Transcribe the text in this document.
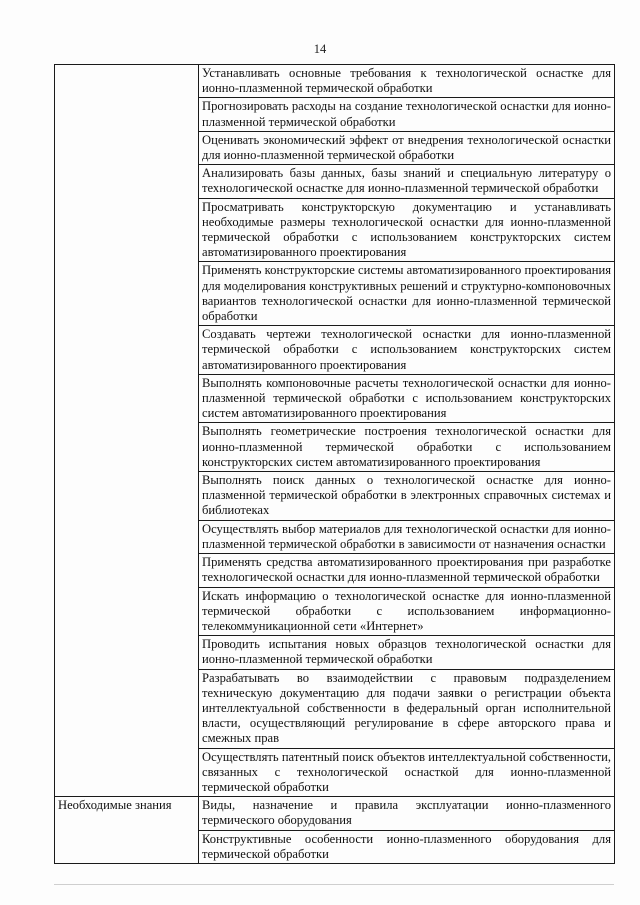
14
	Устанавливать основные требования к технологической оснастке для ионно-плазменной термической обработки
	Прогнозировать расходы на создание технологической оснастки для ионно-плазменной термической обработки
	Оценивать экономический эффект от внедрения технологической оснастки для ионно-плазменной термической обработки
	Анализировать базы данных, базы знаний и специальную литературу о технологической оснастке для ионно-плазменной термической обработки
	Просматривать конструкторскую документацию и устанавливать необходимые размеры технологической оснастки для ионно-плазменной термической обработки с использованием конструкторских систем автоматизированного проектирования
	Применять конструкторские системы автоматизированного проектирования для моделирования конструктивных решений и структурно-компоновочных вариантов технологической оснастки для ионно-плазменной термической обработки
	Создавать чертежи технологической оснастки для ионно-плазменной термической обработки с использованием конструкторских систем автоматизированного проектирования
	Выполнять компоновочные расчеты технологической оснастки для ионно-плазменной термической обработки с использованием конструкторских систем автоматизированного проектирования
	Выполнять геометрические построения технологической оснастки для ионно-плазменной термической обработки с использованием конструкторских систем автоматизированного проектирования
	Выполнять поиск данных о технологической оснастке для ионно-плазменной термической обработки в электронных справочных системах и библиотеках
	Осуществлять выбор материалов для технологической оснастки для ионно-плазменной термической обработки в зависимости от назначения оснастки
	Применять средства автоматизированного проектирования при разработке технологической оснастки для ионно-плазменной термической обработки
	Искать информацию о технологической оснастке для ионно-плазменной термической обработки с использованием информационно-телекоммуникационной сети «Интернет»
	Проводить испытания новых образцов технологической оснастки для ионно-плазменной термической обработки
	Разрабатывать во взаимодействии с правовым подразделением техническую документацию для подачи заявки о регистрации объекта интеллектуальной собственности в федеральный орган исполнительной власти, осуществляющий регулирование в сфере авторского права и смежных прав
	Осуществлять патентный поиск объектов интеллектуальной собственности, связанных с технологической оснасткой для ионно-плазменной термической обработки
Необходимые знания	Виды, назначение и правила эксплуатации ионно-плазменного термического оборудования
	Конструктивные особенности ионно-плазменного оборудования для термической обработки
